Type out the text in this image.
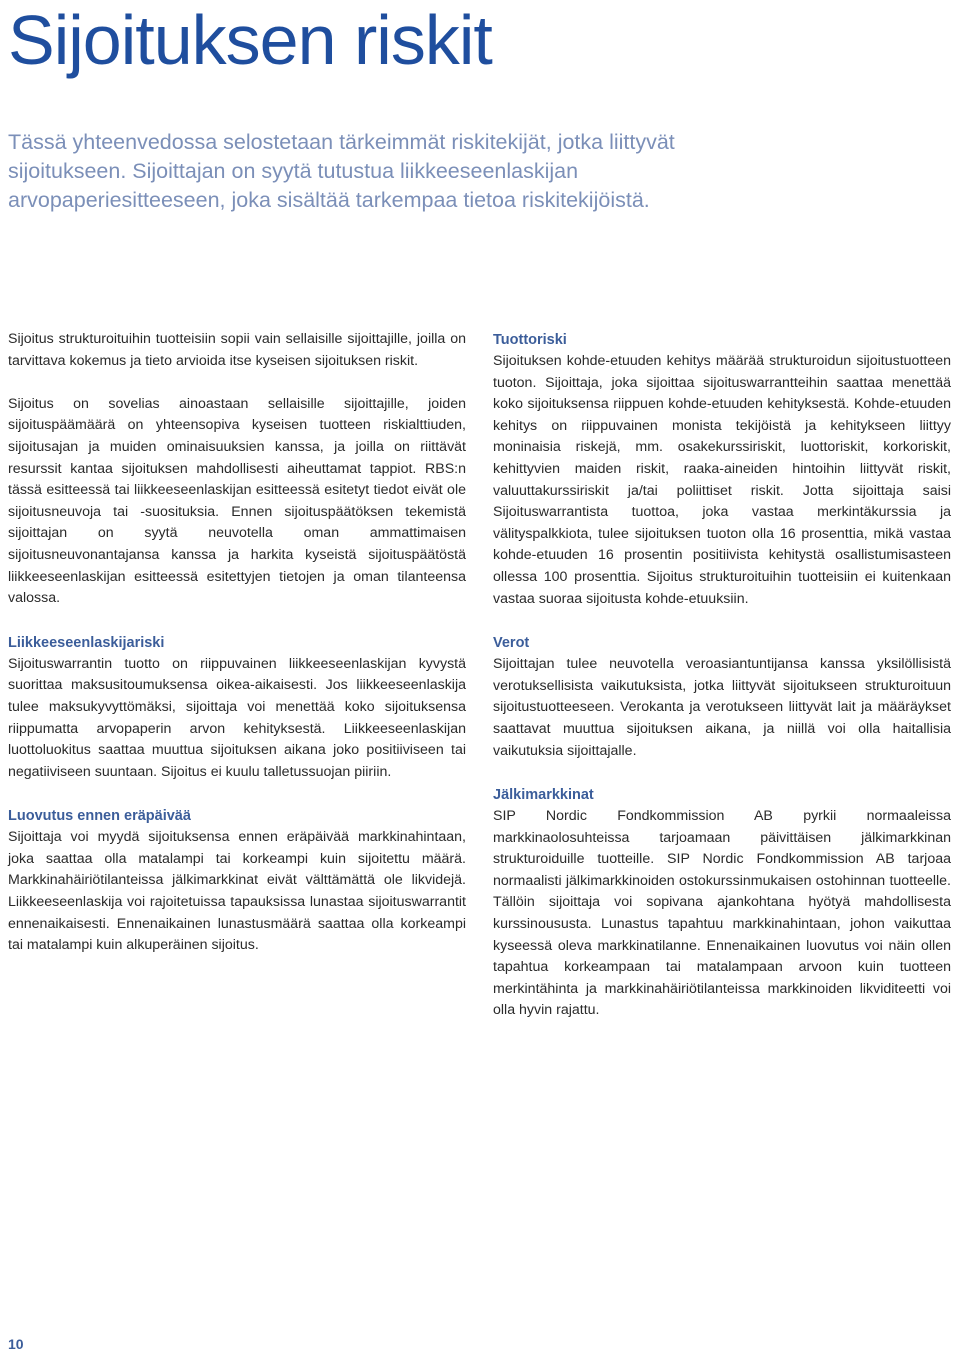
Sijoituksen riskit

Tässä yhteenvedossa selostetaan tärkeimmät riskitekijät, jotka liittyvät sijoitukseen. Sijoittajan on syytä tutustua liikkeeseenlaskijan arvopaperiesitteeseen, joka sisältää tarkempaa tietoa riskitekijöistä.

Sijoitus strukturoituihin tuotteisiin sopii vain sellaisille sijoittajille, joilla on tarvittava kokemus ja tieto arvioida itse kyseisen sijoituksen riskit.

Sijoitus on sovelias ainoastaan sellaisille sijoittajille, joiden sijoituspäämäärä on yhteensopiva kyseisen tuotteen riskialttiuden, sijoitusajan ja muiden ominaisuuksien kanssa, ja joilla on riittävät resurssit kantaa sijoituksen mahdollisesti aiheuttamat tappiot. RBS:n tässä esitteessä tai liikkeeseenlaskijan esitteessä esitetyt tiedot eivät ole sijoitusneuvoja tai -suosituksia. Ennen sijoituspäätöksen tekemistä sijoittajan on syytä neuvotella oman ammattimaisen sijoitusneuvonantajansa kanssa ja harkita kyseistä sijoituspäätöstä liikkeeseenlaskijan esitteessä esitettyjen tietojen ja oman tilanteensa valossa.

Liikkeeseenlaskijariski

Sijoituswarrantin tuotto on riippuvainen liikkeeseenlaskijan kyvystä suorittaa maksusitoumuksensa oikea-aikaisesti. Jos liikkeeseenlaskija tulee maksukyvyttömäksi, sijoittaja voi menettää koko sijoituksensa riippumatta arvopaperin arvon kehityksestä. Liikkeeseenlaskijan luottoluokitus saattaa muuttua sijoituksen aikana joko positiiviseen tai negatiiviseen suuntaan. Sijoitus ei kuulu talletussuojan piiriin.

Luovutus ennen eräpäivää

Sijoittaja voi myydä sijoituksensa ennen eräpäivää markkinahintaan, joka saattaa olla matalampi tai korkeampi kuin sijoitettu määrä. Markkinahäiriötilanteissa jälkimarkkinat eivät välttämättä ole likvidejä. Liikkeeseenlaskija voi rajoitetuissa tapauksissa lunastaa sijoituswarrantit ennenaikaisesti. Ennenaikainen lunastusmäärä saattaa olla korkeampi tai matalampi kuin alkuperäinen sijoitus.

Tuottoriski

Sijoituksen kohde-etuuden kehitys määrää strukturoidun sijoitustuotteen tuoton. Sijoittaja, joka sijoittaa sijoituswarrantteihin saattaa menettää koko sijoituksensa riippuen kohde-etuuden kehityksestä. Kohde-etuuden kehitys on riippuvainen monista tekijöistä ja kehitykseen liittyy moninaisia riskejä, mm. osakekurssiriskit, luottoriskit, korkoriskit, kehittyvien maiden riskit, raaka-aineiden hintoihin liittyvät riskit, valuuttakurssiriskit ja/tai poliittiset riskit. Jotta sijoittaja saisi Sijoituswarrantista tuottoa, joka vastaa merkintäkurssia ja välityspalkkiota, tulee sijoituksen tuoton olla 16 prosenttia, mikä vastaa kohde-etuuden 16 prosentin positiivista kehitystä osallistumisasteen ollessa 100 prosenttia. Sijoitus strukturoituihin tuotteisiin ei kuitenkaan vastaa suoraa sijoitusta kohde-etuuksiin.

Verot

Sijoittajan tulee neuvotella veroasiantuntijansa kanssa yksilöllisistä verotuksellisista vaikutuksista, jotka liittyvät sijoitukseen strukturoituun sijoitustuotteeseen. Verokanta ja verotukseen liittyvät lait ja määräykset saattavat muuttua sijoituksen aikana, ja niillä voi olla haitallisia vaikutuksia sijoittajalle.

Jälkimarkkinat

SIP Nordic Fondkommission AB pyrkii normaaleissa markkinaolosuhteissa tarjoamaan päivittäisen jälkimarkkinan strukturoiduille tuotteille. SIP Nordic Fondkommission AB tarjoaa normaalisti jälkimarkkinoiden ostokurssinmukaisen ostohinnan tuotteelle. Tällöin sijoittaja voi sopivana ajankohtana hyötyä mahdollisesta kurssinoususta. Lunastus tapahtuu markkinahintaan, johon vaikuttaa kyseessä oleva markkinatilanne. Ennenaikainen luovutus voi näin ollen tapahtua korkeampaan tai matalampaan arvoon kuin tuotteen merkintähinta ja markkinahäiriötilanteissa markkinoiden likviditeetti voi olla hyvin rajattu.

10
